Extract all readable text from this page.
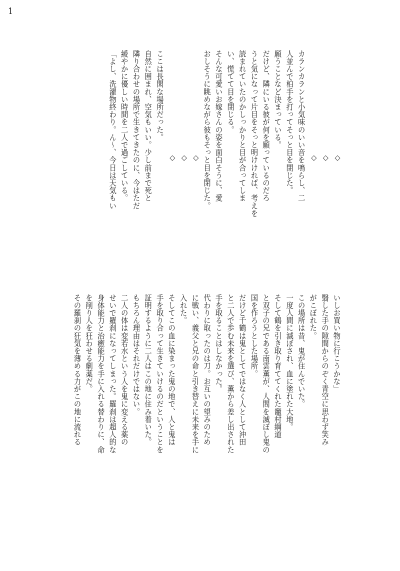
1
◇
◇
◇
カランカランと小気味のいい音を鳴らし、二
人並んで柏手を打ってそっと目を閉じた。
願うことなど決まっている。
だけど、隣にいる彼が何を願っているのだろ
うと気になって片目をそっと明けければ、考えを
読まれていたのかしっかりと目が合ってしま
い、慌てて目を閉じる。
そんな可愛いお嫁さんの姿を面白そうに、愛
おしそうに眺めながら彼もそっと目を閉じた。
◇
◇
◇
ここは長閑な場所だった。
自然に囲まれ、空気もいい。少し前まで死と
隣り合わせの場所で生きてきたのに、今はただ
緩やかに優しい時間を二人で過ごしている。
「よし、洗濯物終わり。ん〜、今日は天気もい
いしお買い物に行こうかな」
翳した手の隙間からのぞく青空に思わず笑み
がこぼれた。
この場所は昔、鬼が住んでいた。
一度人間に滅ぼされ、血に塗れた大地。
そして鶴を引き取り育ててくれた竈村綱道
と双子の兄である南雲薫が、人間を滅ぼし鬼の
国を作ろうとした場所。
だけど千鶴は鬼としてではなく人として沖田
と二人で歩む未来を選び、薫から差し出された
手を取ることはしなかった。
代わりに取ったのは刀。お互いの望みのため
に戦い、義父と兄の命と引き替えに未来を手に
入れた。
そしてこの血に染まった鬼の地で、人と鬼は
手を取り合って生きていけるのだということを
証明するように二人はこの地に住み着いた。
もちろん理由はそれだけではない。
二人の体は変若水という人を鬼に変える薬の
せいで羅刹になってしまった。羅刹は超人的な
身体能力と治癒能力を手に入れる替わりに、命
を削り人を狂わせる劇薬だ。
その羅刹の狂気を薄める力がこの地に流れる
